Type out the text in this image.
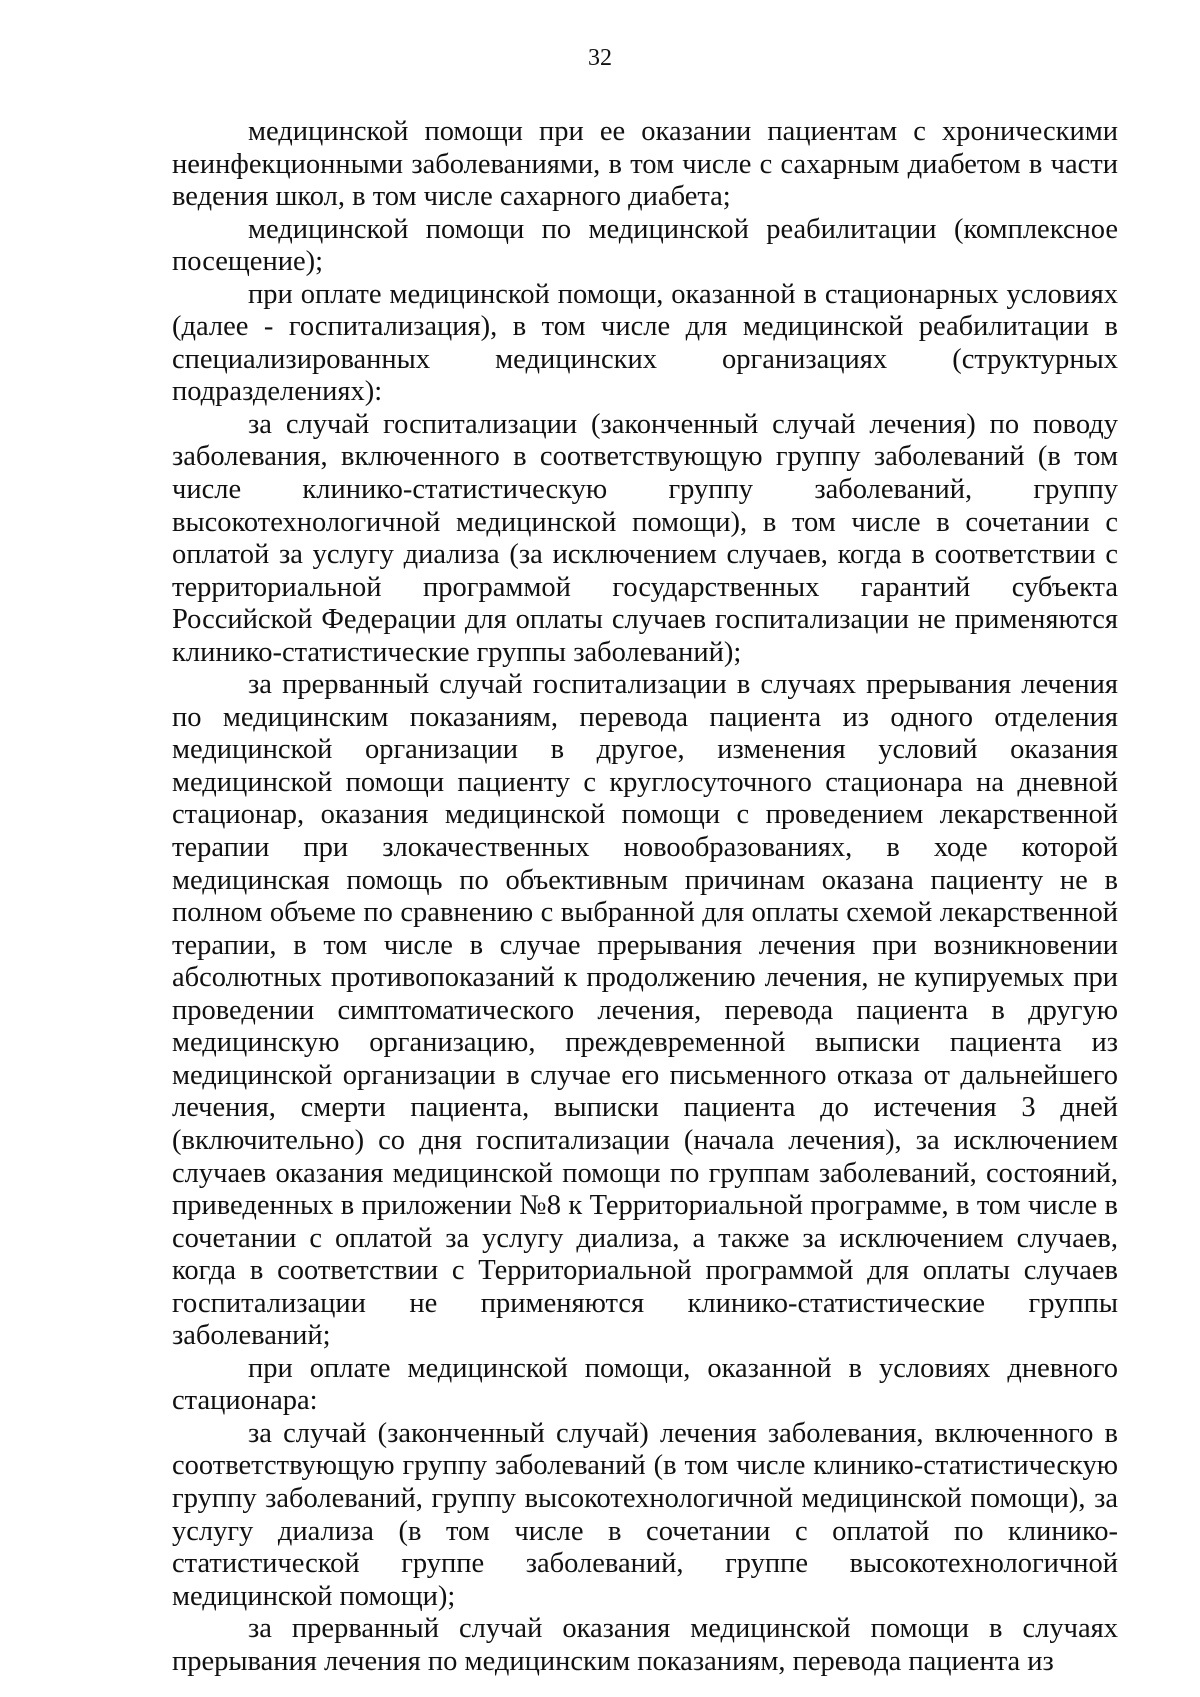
32

медицинской помощи при ее оказании пациентам с хроническими неинфекционными заболеваниями, в том числе с сахарным диабетом в части ведения школ, в том числе сахарного диабета;

медицинской помощи по медицинской реабилитации (комплексное посещение);

при оплате медицинской помощи, оказанной в стационарных условиях (далее - госпитализация), в том числе для медицинской реабилитации в специализированных медицинских организациях (структурных подразделениях):

за случай госпитализации (законченный случай лечения) по поводу заболевания, включенного в соответствующую группу заболеваний (в том числе клинико-статистическую группу заболеваний, группу высокотехнологичной медицинской помощи), в том числе в сочетании с оплатой за услугу диализа (за исключением случаев, когда в соответствии с территориальной программой государственных гарантий субъекта Российской Федерации для оплаты случаев госпитализации не применяются клинико-статистические группы заболеваний);

за прерванный случай госпитализации в случаях прерывания лечения по медицинским показаниям, перевода пациента из одного отделения медицинской организации в другое, изменения условий оказания медицинской помощи пациенту с круглосуточного стационара на дневной стационар, оказания медицинской помощи с проведением лекарственной терапии при злокачественных новообразованиях, в ходе которой медицинская помощь по объективным причинам оказана пациенту не в полном объеме по сравнению с выбранной для оплаты схемой лекарственной терапии, в том числе в случае прерывания лечения при возникновении абсолютных противопоказаний к продолжению лечения, не купируемых при проведении симптоматического лечения, перевода пациента в другую медицинскую организацию, преждевременной выписки пациента из медицинской организации в случае его письменного отказа от дальнейшего лечения, смерти пациента, выписки пациента до истечения 3 дней (включительно) со дня госпитализации (начала лечения), за исключением случаев оказания медицинской помощи по группам заболеваний, состояний, приведенных в приложении №8 к Территориальной программе, в том числе в сочетании с оплатой за услугу диализа, а также за исключением случаев, когда в соответствии с Территориальной программой для оплаты случаев госпитализации не применяются клинико-статистические группы заболеваний;

при оплате медицинской помощи, оказанной в условиях дневного стационара:

за случай (законченный случай) лечения заболевания, включенного в соответствующую группу заболеваний (в том числе клинико-статистическую группу заболеваний, группу высокотехнологичной медицинской помощи), за услугу диализа (в том числе в сочетании с оплатой по клинико-статистической группе заболеваний, группе высокотехнологичной медицинской помощи);

за прерванный случай оказания медицинской помощи в случаях прерывания лечения по медицинским показаниям, перевода пациента из
